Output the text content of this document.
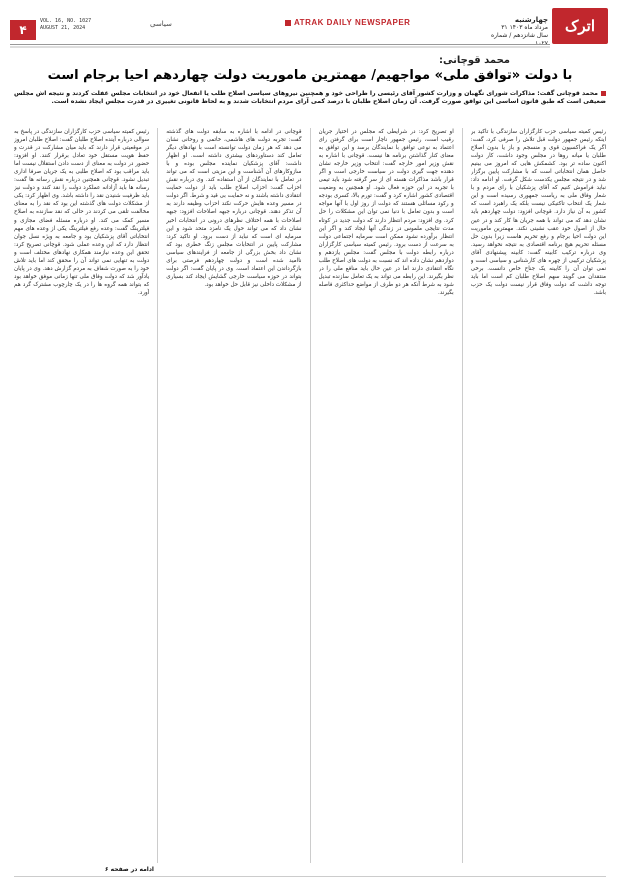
۴
VOL. 16, NO. 1027
AUGUST 21, 2024	سیاسی	ATRAK DAILY NEWSPAPER	چهارشنبه
۳۱ مرداد ماه ۱۴۰۳
سال شانزدهم / شماره
اترک
محمد قوچانی:
با دولت «توافق ملی» مواجهیم/ مهمترین ماموریت دولت چهاردهم احیا برجام است
محمد قوچانی گفت: مذاکرات شورای نگهبان و وزارت کشور آقای رئیسی را طراحی خود و همچنین نیروهای سیاسی اصلاح طلب یا انفعال خود در انتخابات مجلس غفلت کردند و نتیجه اش مجلس ضعیفی است که طبق قانون اساسی این توافق صورت گرفت. آن زمان اصلاح طلبان با درصد کمی آرای مردم انتخابات شدند و به لحاظ قانونی تغییری در قدرت مجلس ایجاد نشده است.

رئیس کمیته سیاسی حزب کارگزاران سازندگی با تاکید بر اینکه رئیس جمهور دولت قبل تلاش را صرفی کرد، گفت: اگر یک فراکسیون قوی و منسجم و باز یا بدون اصلاح طلبان یا میانه روها در مجلس وجود داشت، کار دولت اکنون ساده تر بود. کشمکش هایی که امروز می بینیم حاصل همان انتخاباتی است که با مشارکت پایین برگزار شد و در نتیجه مجلس یکدست شکل گرفت. او ادامه داد: نباید فراموش کنیم که آقای پزشکیان با رای مردم و با شعار وفاق ملی به ریاست جمهوری رسیده است و این شعار یک انتخاب تاکتیکی نیست بلکه یک راهبرد است که کشور به آن نیاز دارد. قوچانی افزود: دولت چهاردهم باید نشان دهد که می تواند با همه جریان ها کار کند و در عین حال از اصول خود عقب نشینی نکند. مهمترین ماموریت این دولت احیا برجام و رفع تحریم هاست زیرا بدون حل مسئله تحریم هیچ برنامه اقتصادی به نتیجه نخواهد رسید. وی درباره ترکیب کابینه گفت: کابینه پیشنهادی آقای پزشکیان ترکیبی از چهره های کارشناس و سیاسی است و نمی توان آن را کابینه یک جناح خاص دانست. برخی منتقدان می گویند سهم اصلاح طلبان کم است اما باید توجه داشت که دولت وفاق قرار نیست دولت یک حزب باشد.

او تصریح کرد: در شرایطی که مجلس در اختیار جریان رقیب است، رئیس جمهور ناچار است برای گرفتن رای اعتماد به نوعی توافق با نمایندگان برسد و این توافق به معنای کنار گذاشتن برنامه ها نیست. قوچانی با اشاره به نقش وزیر امور خارجه گفت: انتخاب وزیر خارجه نشان دهنده جهت گیری دولت در سیاست خارجی است و اگر قرار باشد مذاکرات هسته ای از سر گرفته شود باید تیمی با تجربه در این حوزه فعال شود. او همچنین به وضعیت اقتصادی کشور اشاره کرد و گفت: تورم بالا، کسری بودجه و رکود مسائلی هستند که دولت از روز اول با آنها مواجه است و بدون تعامل با دنیا نمی توان این مشکلات را حل کرد. وی افزود: مردم انتظار دارند که دولت جدید در کوتاه مدت نتایجی ملموس در زندگی آنها ایجاد کند و اگر این انتظار برآورده نشود ممکن است سرمایه اجتماعی دولت به سرعت از دست برود. رئیس کمیته سیاسی کارگزاران درباره رابطه دولت با مجلس گفت: مجلس یازدهم و دوازدهم نشان داده اند که نسبت به دولت های اصلاح طلب نگاه انتقادی دارند اما در عین حال باید منافع ملی را در نظر بگیرند. این رابطه می تواند به یک تعامل سازنده تبدیل شود به شرط آنکه هر دو طرف از مواضع حداکثری فاصله بگیرند.

قوچانی در ادامه با اشاره به سابقه دولت های گذشته گفت: تجربه دولت های هاشمی، خاتمی و روحانی نشان می دهد که هر زمان دولت توانسته است با نهادهای دیگر تعامل کند دستاوردهای بیشتری داشته است. او اظهار داشت: آقای پزشکیان نماینده مجلس بوده و با سازوکارهای آن آشناست و این مزیتی است که می تواند در تعامل با نمایندگان از آن استفاده کند. وی درباره نقش احزاب گفت: احزاب اصلاح طلب باید از دولت حمایت انتقادی داشته باشند و نه حمایت بی قید و شرط. اگر دولت در مسیر وعده هایش حرکت نکند احزاب وظیفه دارند به آن تذکر دهند. قوچانی درباره جبهه اصلاحات افزود: جبهه اصلاحات با همه اختلاف نظرهای درونی در انتخابات اخیر نشان داد که می تواند حول یک نامزد متحد شود و این سرمایه ای است که نباید از دست برود. او تاکید کرد: مشارکت پایین در انتخابات مجلس زنگ خطری بود که نشان داد بخش بزرگی از جامعه از فرایندهای سیاسی ناامید شده است و دولت چهاردهم فرصتی برای بازگرداندن این اعتماد است. وی در پایان گفت: اگر دولت بتواند در حوزه سیاست خارجی گشایش ایجاد کند بسیاری از مشکلات داخلی نیز قابل حل خواهد بود.

رئیس کمیته سیاسی حزب کارگزاران سازندگی در پاسخ به سوالی درباره آینده اصلاح طلبان گفت: اصلاح طلبان امروز در موقعیتی قرار دارند که باید میان مشارکت در قدرت و حفظ هویت مستقل خود تعادل برقرار کنند. او افزود: حضور در دولت به معنای از دست دادن استقلال نیست اما باید مراقب بود که اصلاح طلبی به یک جریان صرفا اداری تبدیل نشود. قوچانی همچنین درباره نقش رسانه ها گفت: رسانه ها باید آزادانه عملکرد دولت را نقد کنند و دولت نیز باید ظرفیت شنیدن نقد را داشته باشد. وی اظهار کرد: یکی از مشکلات دولت های گذشته این بود که نقد را به معنای مخالفت تلقی می کردند در حالی که نقد سازنده به اصلاح مسیر کمک می کند. او درباره مسئله فضای مجازی و فیلترینگ گفت: وعده رفع فیلترینگ یکی از وعده های مهم انتخاباتی آقای پزشکیان بود و جامعه به ویژه نسل جوان انتظار دارد که این وعده عملی شود. قوچانی تصریح کرد: تحقق این وعده نیازمند همکاری نهادهای مختلف است و دولت به تنهایی نمی تواند آن را محقق کند اما باید تلاش خود را به صورت شفاف به مردم گزارش دهد. وی در پایان یادآور شد که دولت وفاق ملی تنها زمانی موفق خواهد بود که بتواند همه گروه ها را در یک چارچوب مشترک گرد هم آورد.

ادامه در صفحه ۶
